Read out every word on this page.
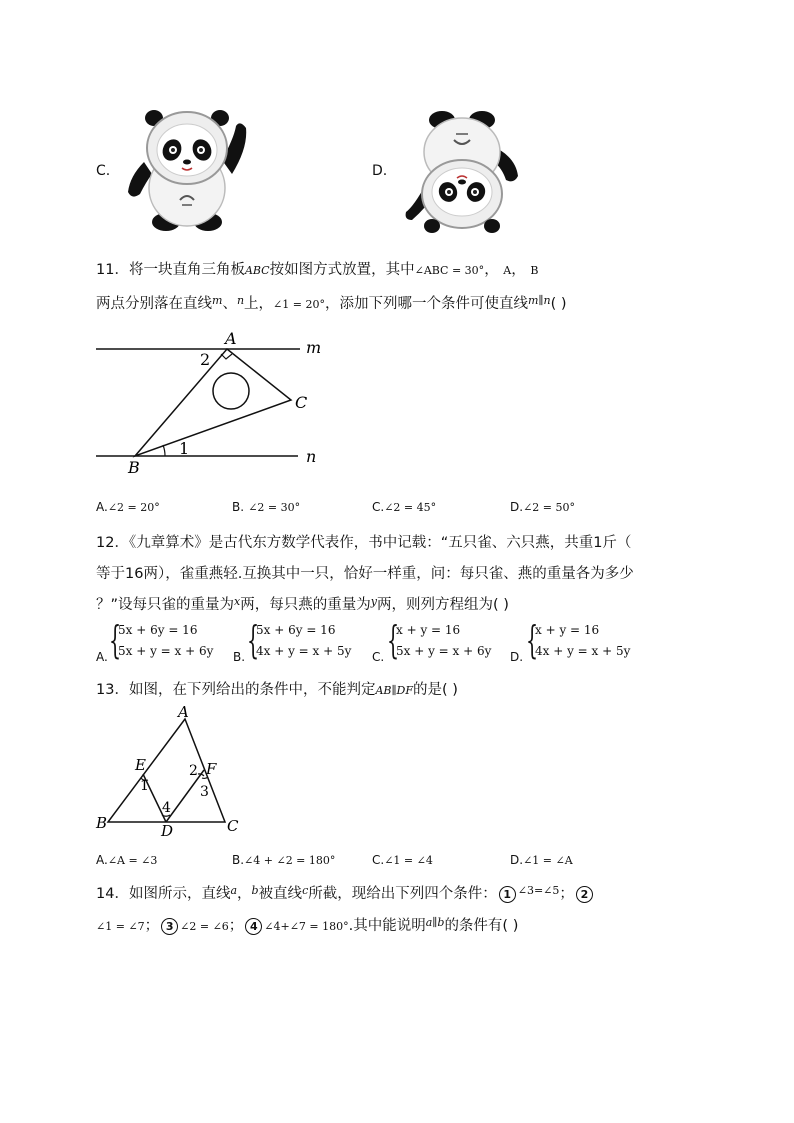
C.	D.
11．将一块直角三角板ABC按如图方式放置，其中∠ABC = 30°， A， B
两点分别落在直线$^m$、$^n$上，∠1 = 20°，添加下列哪一个条件可使直线$^{m\parallel n}$( )
A	m
2
C
1
B
n
A.∠2 = 20°	B. ∠2 = 30°	C.∠2 = 45°	D.∠2 = 50°
12．《九章算术》是古代东方数学代表作，书中记载：“五只雀、六只燕，共重1斤（
等于16两），雀重燕轻.互换其中一只，恰好一样重，问：每只雀、燕的重量各为多少
？”设每只雀的重量为$^x$两，每只燕的重量为$^y$两，则列方程组为( )
A. {
5x + 6y = 16
5x + y = x + 6y B. {
5x + 6y = 16
4x + y = x + 5y C. {
x + y = 16
5x + y = x + 6y D. {
x + y = 16
4x + y = x + 5y
13．如图，在下列给出的条件中，不能判定AB∥DF的是( )
A
E	F
B	D	C
1
2
3
4
A.∠A = ∠3	B.∠4 + ∠2 = 180°	C.∠1 = ∠4	D.∠1 = ∠A
14．如图所示，直线$^a$，$^b$被直线$^c$所截，现给出下列四个条件： 1 $^{\angle 3=\angle 5}$； 2
∠1 = ∠7； 3 ∠2 = ∠6； 4 ∠4+∠7 = 180°.其中能说明$^{a\parallel b}$的条件有( )
